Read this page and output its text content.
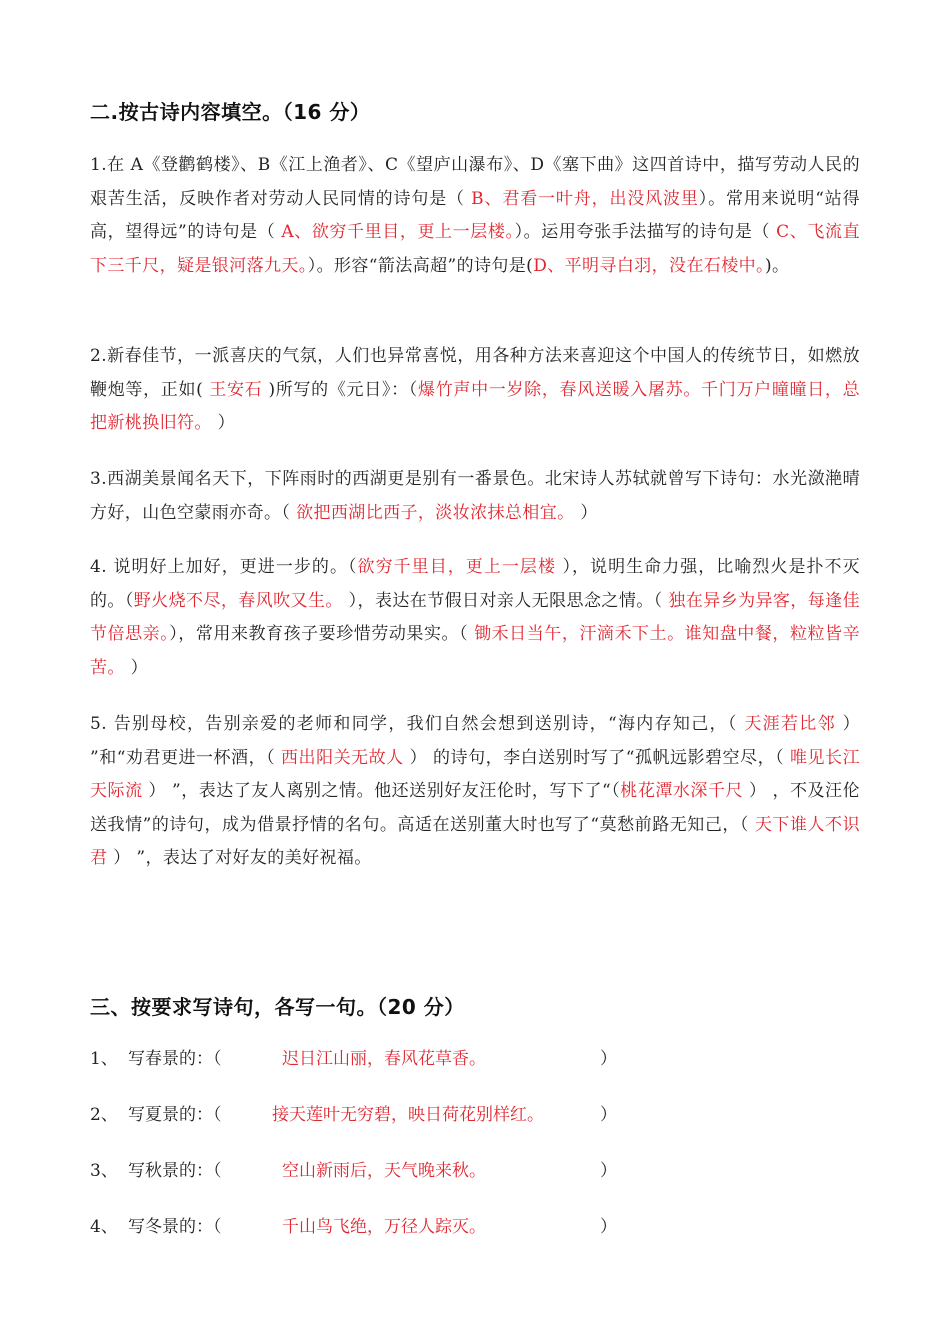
二.按古诗内容填空。（16 分）

1.在 A《登鹳鹤楼》、B《江上渔者》、C《望庐山瀑布》、D《塞下曲》这四首诗中，描写劳动人民的艰苦生活，反映作者对劳动人民同情的诗句是（ B、君看一叶舟，出没风波里）。常用来说明“站得高，望得远”的诗句是（ A、欲穷千里目，更上一层楼。）。运用夸张手法描写的诗句是（ C、飞流直下三千尺，疑是银河落九天。）。形容“箭法高超”的诗句是(D、平明寻白羽，没在石棱中。)。

2.新春佳节，一派喜庆的气氛，人们也异常喜悦，用各种方法来喜迎这个中国人的传统节日，如燃放鞭炮等，正如( 王安石 )所写的《元日》：（爆竹声中一岁除，春风送暖入屠苏。千门万户曈曈日，总把新桃换旧符。 ）

3.西湖美景闻名天下，下阵雨时的西湖更是别有一番景色。北宋诗人苏轼就曾写下诗句：水光潋滟晴方好，山色空蒙雨亦奇。（ 欲把西湖比西子，淡妆浓抹总相宜。 ）

4. 说明好上加好，更进一步的。（欲穷千里目，更上一层楼 ），说明生命力强，比喻烈火是扑不灭的。（野火烧不尽，春风吹又生。 ），表达在节假日对亲人无限思念之情。（ 独在异乡为异客，每逢佳节倍思亲。），常用来教育孩子要珍惜劳动果实。（ 锄禾日当午，汗滴禾下土。谁知盘中餐，粒粒皆辛苦。 ）

5. 告别母校，告别亲爱的老师和同学，我们自然会想到送别诗，“海内存知己，（ 天涯若比邻 ） ”和“劝君更进一杯酒，（ 西出阳关无故人 ） 的诗句，李白送别时写了“孤帆远影碧空尽，（ 唯见长江天际流 ） ”，表达了友人离别之情。他还送别好友汪伦时，写下了“（桃花潭水深千尺 ） ，不及汪伦送我情”的诗句，成为借景抒情的名句。高适在送别董大时也写了“莫愁前路无知己，（ 天下谁人不识君 ） ”，表达了对好友的美好祝福。

三、按要求写诗句，各写一句。（20 分）
1、 写春景的：（	迟日江山丽，春风花草香。	）
2、 写夏景的：（	接天莲叶无穷碧，映日荷花别样红。	）
3、 写秋景的：（	空山新雨后，天气晚来秋。	）
4、 写冬景的：（	千山鸟飞绝，万径人踪灭。	）
